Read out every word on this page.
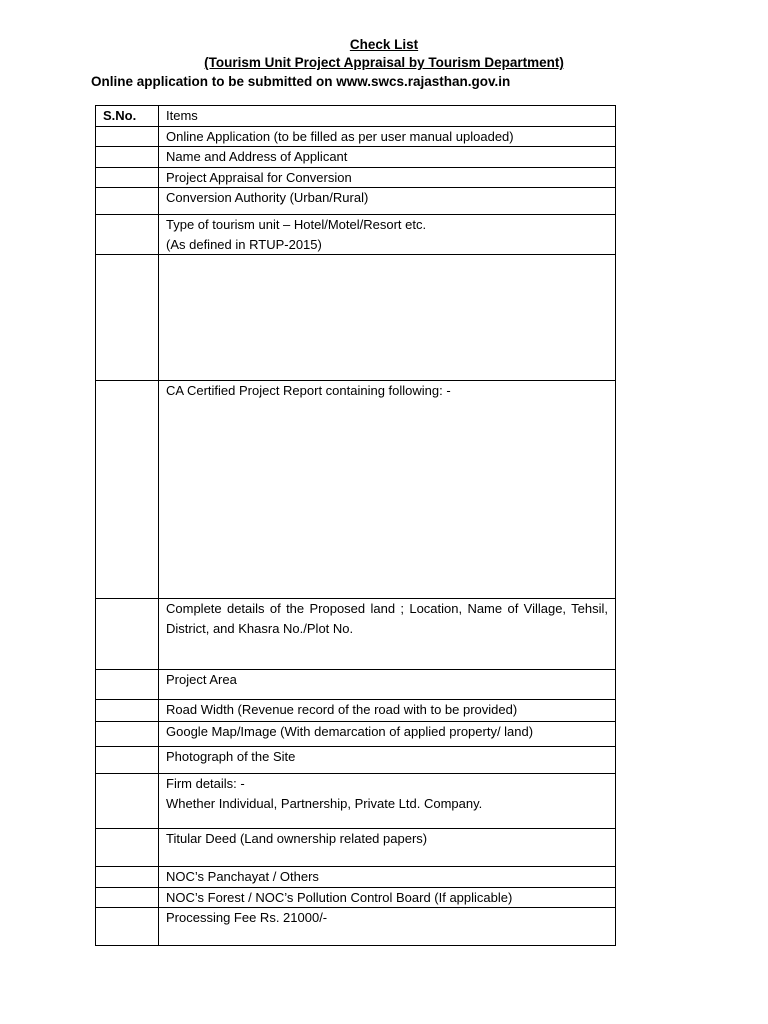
Check List
(Tourism Unit Project Appraisal by Tourism Department)
Online application to be submitted on www.swcs.rajasthan.gov.in
S.No.	Items

	Online Application (to be filled as per user manual uploaded)

	Name and Address of Applicant

	Project Appraisal for Conversion

	Conversion Authority (Urban/Rural)

	Type of tourism unit – Hotel/Motel/Resort etc.
(As defined in RTUP-2015)

	CA Certified Project Report containing following: -

	Complete details of the Proposed land ; Location, Name of Village, Tehsil, District, and Khasra No./Plot No.

	Project Area

	Road Width (Revenue record of the road with to be provided)

	Google Map/Image (With demarcation of applied property/ land)

	Photograph of the Site

	Firm details: -
Whether Individual, Partnership, Private Ltd. Company.

	Titular Deed (Land ownership related papers)

	NOC’s Panchayat / Others

	NOC’s Forest / NOC’s Pollution Control Board (If applicable)

	Processing Fee Rs. 21000/-
